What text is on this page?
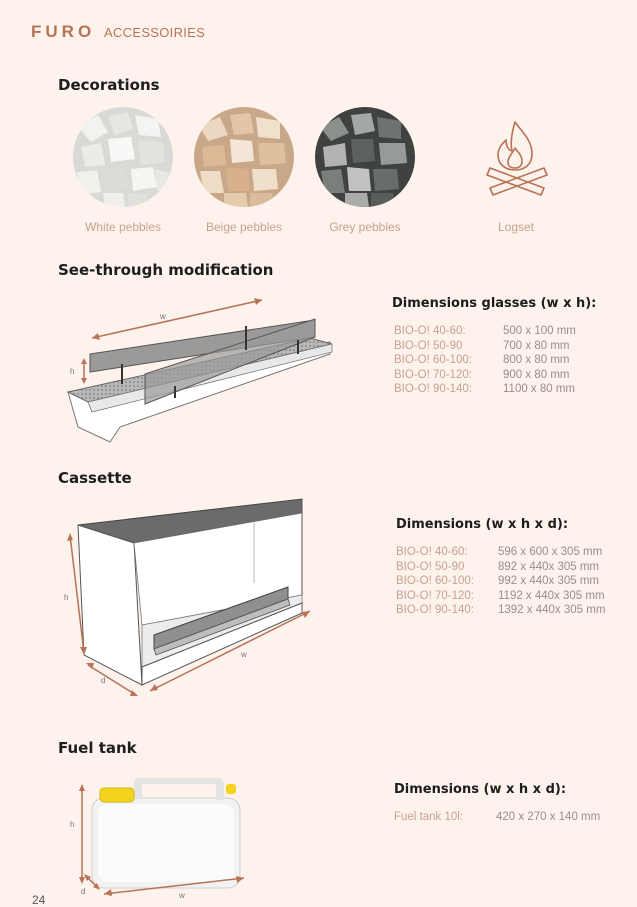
FURO ACCESSOIRIES
Decorations
White pebbles	Beige pebbles	Grey pebbles	Logset
See-through modification
w
h
Dimensions glasses (w x h):
BIO-O! 40-60:	500 x 100 mm
BIO-O! 50-90	700 x 80 mm
BIO-O! 60-100:	800 x 80 mm
BIO-O! 70-120:	900 x 80 mm
BIO-O! 90-140:	1100 x 80 mm
Cassette
w
h
d
Dimensions (w x h x d):
BIO-O! 40-60:	596 x 600 x 305 mm
BIO-O! 50-90	892 x 440x 305 mm
BIO-O! 60-100: 992 x 440x 305 mm
BIO-O! 70-120: 1192 x 440x 305 mm
BIO-O! 90-140: 1392 x 440x 305 mm
Fuel tank
h
d	w
Dimensions (w x h x d):
Fuel tank 10l:	420 x 270 x 140 mm
24
